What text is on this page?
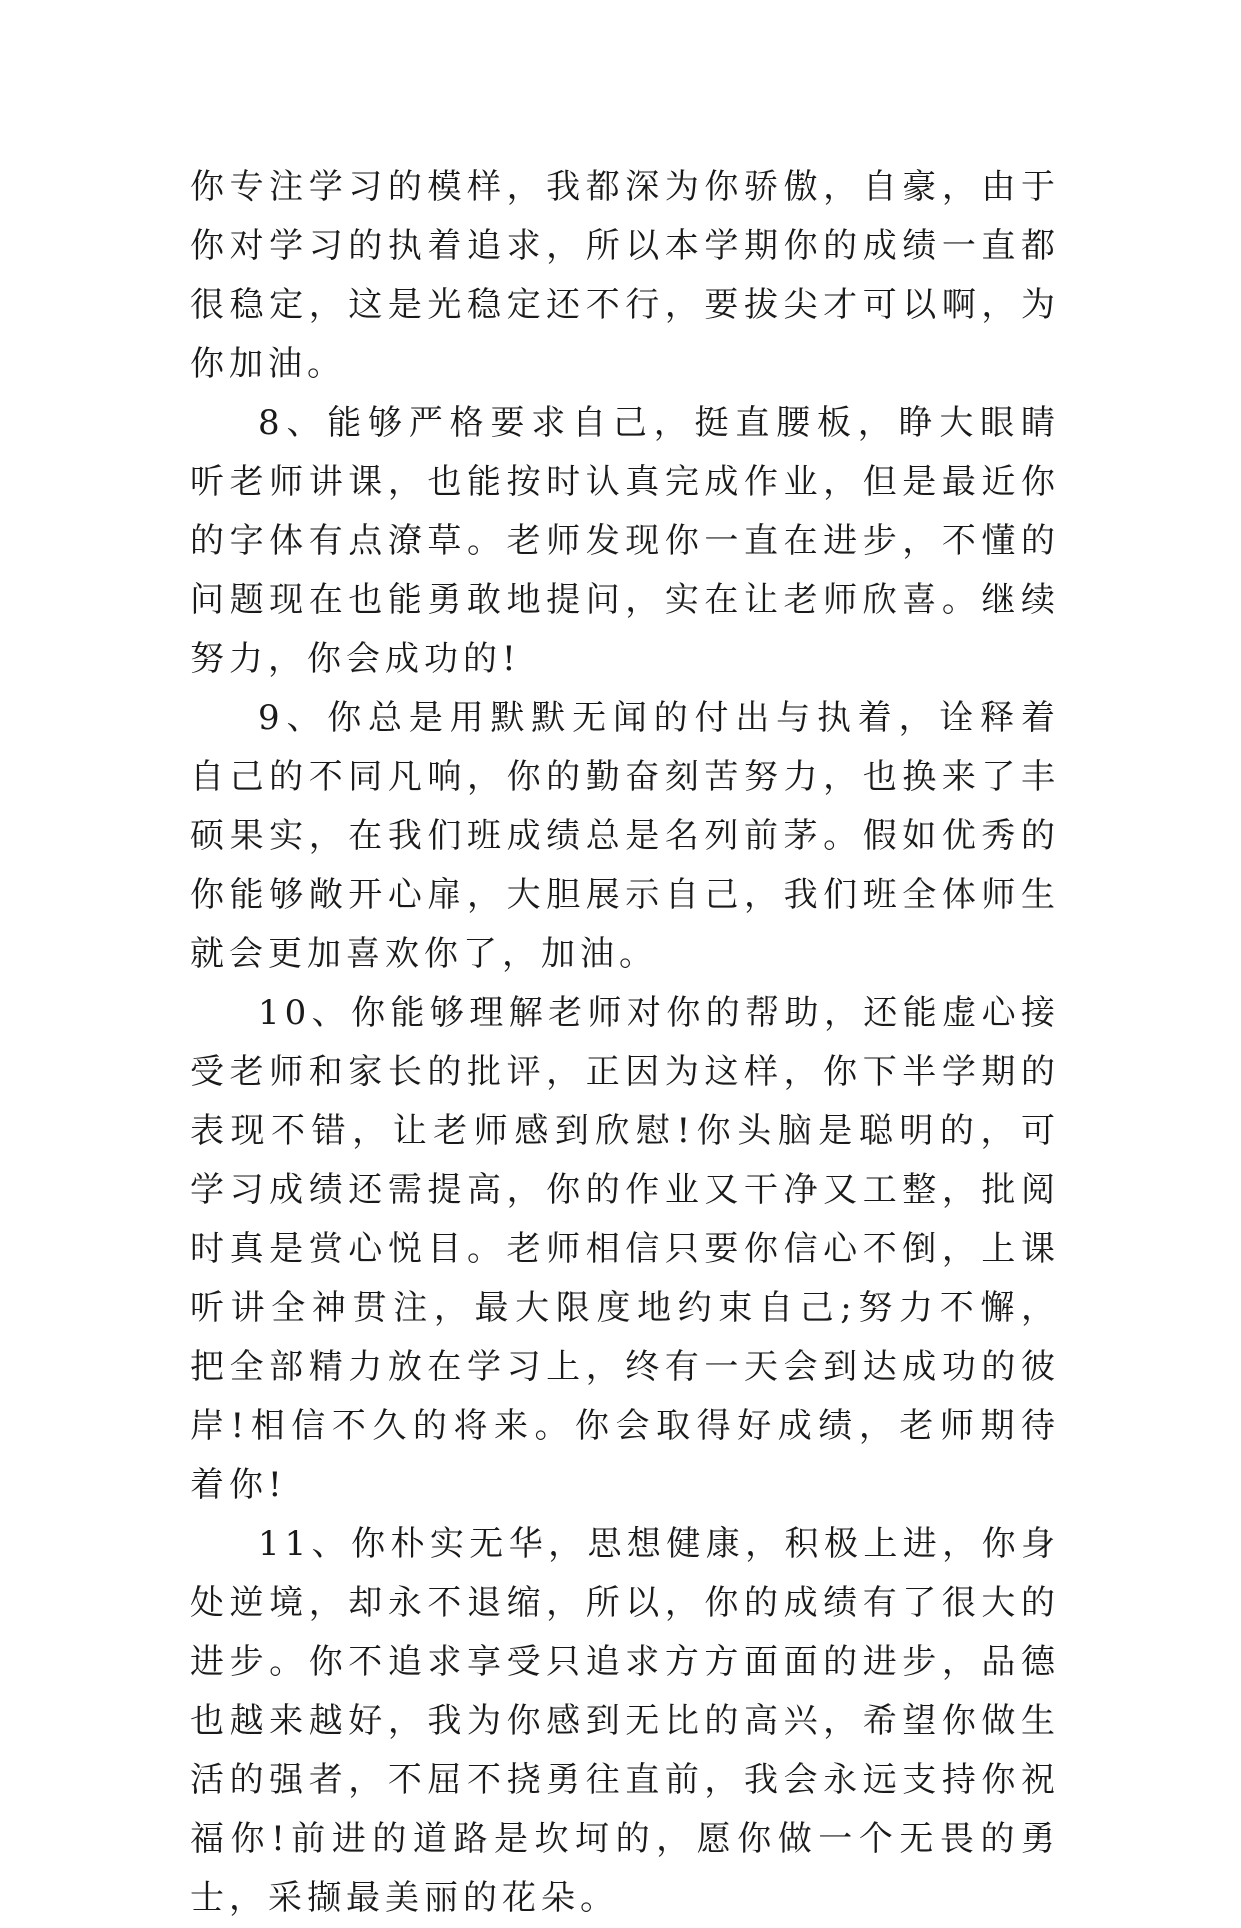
你专注学习的模样，我都深为你骄傲，自豪，由于你对学习的执着追求，所以本学期你的成绩一直都很稳定，这是光稳定还不行，要拔尖才可以啊，为你加油。

8、能够严格要求自己，挺直腰板，睁大眼睛听老师讲课，也能按时认真完成作业，但是最近你的字体有点潦草。老师发现你一直在进步，不懂的问题现在也能勇敢地提问，实在让老师欣喜。继续努力，你会成功的!

9、你总是用默默无闻的付出与执着，诠释着自己的不同凡响，你的勤奋刻苦努力，也换来了丰硕果实，在我们班成绩总是名列前茅。假如优秀的你能够敞开心扉，大胆展示自己，我们班全体师生就会更加喜欢你了，加油。

10、你能够理解老师对你的帮助，还能虚心接受老师和家长的批评，正因为这样，你下半学期的表现不错，让老师感到欣慰!你头脑是聪明的，可学习成绩还需提高，你的作业又干净又工整，批阅时真是赏心悦目。老师相信只要你信心不倒，上课听讲全神贯注，最大限度地约束自己;努力不懈，把全部精力放在学习上，终有一天会到达成功的彼岸!相信不久的将来。你会取得好成绩，老师期待着你!

11、你朴实无华，思想健康，积极上进，你身处逆境，却永不退缩，所以，你的成绩有了很大的进步。你不追求享受只追求方方面面的进步，品德也越来越好，我为你感到无比的高兴，希望你做生活的强者，不屈不挠勇往直前，我会永远支持你祝福你!前进的道路是坎坷的，愿你做一个无畏的勇士，采撷最美丽的花朵。
